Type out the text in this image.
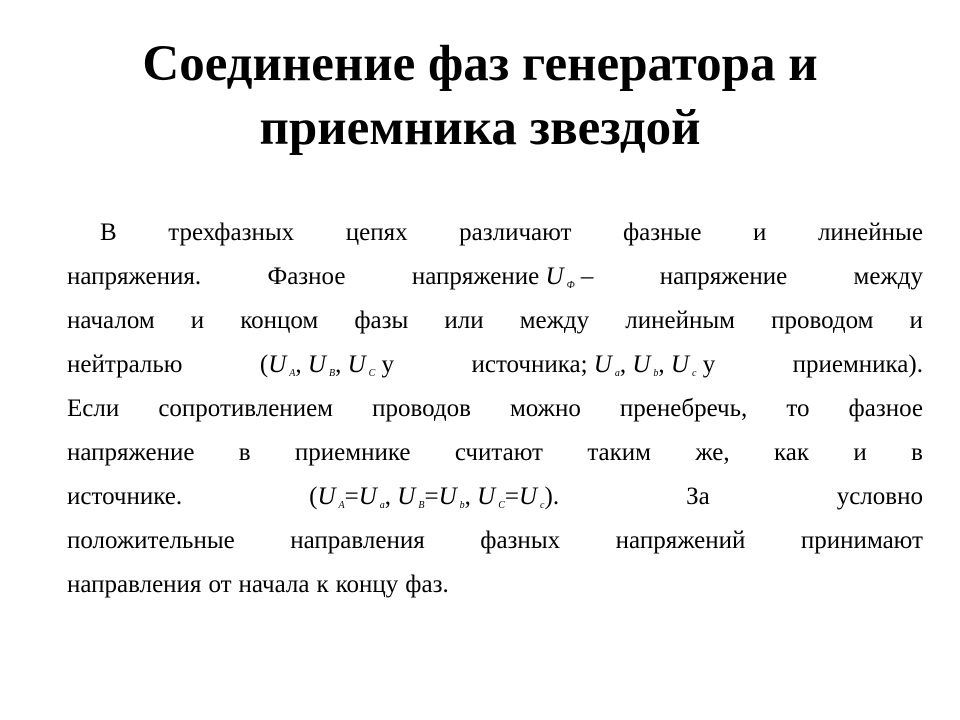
Соединение фаз генератора и
приемника звездой
В трехфазных цепях различают фазные и линейные
напряжения.	Фазное	напряжение U Ф –	напряжение	между
началом и концом фазы или между линейным проводом и
нейтралью	(U A, U B, U C у	источника; U a, U b, U c у	приемника).
Если сопротивлением проводов можно пренебречь, то фазное
напряжение в приемнике считают таким же, как и в
источнике.	(U A=U a, U B=U b, U C=U c).	За	условно
положительные направления фазных напряжений принимают
направления от начала к концу фаз.
